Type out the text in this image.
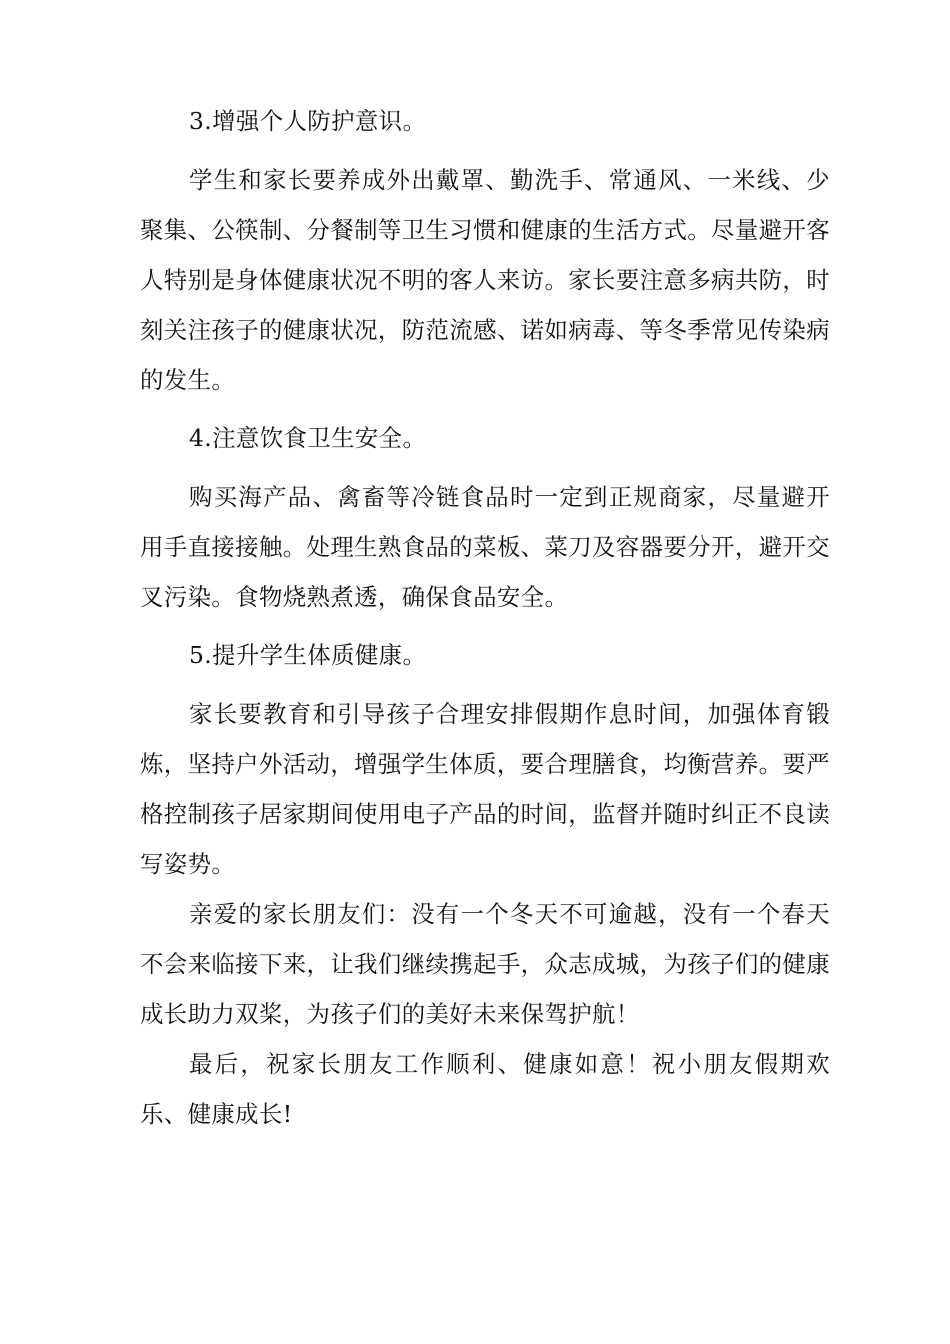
3.增强个人防护意识。

学生和家长要养成外出戴罩、勤洗手、常通风、一米线、少聚集、公筷制、分餐制等卫生习惯和健康的生活方式。尽量避开客人特别是身体健康状况不明的客人来访。家长要注意多病共防，时刻关注孩子的健康状况，防范流感、诺如病毒、等冬季常见传染病的发生。

4.注意饮食卫生安全。

购买海产品、禽畜等冷链食品时一定到正规商家，尽量避开用手直接接触。处理生熟食品的菜板、菜刀及容器要分开，避开交叉污染。食物烧熟煮透，确保食品安全。

5.提升学生体质健康。

家长要教育和引导孩子合理安排假期作息时间，加强体育锻炼，坚持户外活动，增强学生体质，要合理膳食，均衡营养。要严格控制孩子居家期间使用电子产品的时间，监督并随时纠正不良读写姿势。

亲爱的家长朋友们：没有一个冬天不可逾越，没有一个春天不会来临接下来，让我们继续携起手，众志成城，为孩子们的健康成长助力双桨，为孩子们的美好未来保驾护航！

最后，祝家长朋友工作顺利、健康如意！祝小朋友假期欢乐、健康成长!
